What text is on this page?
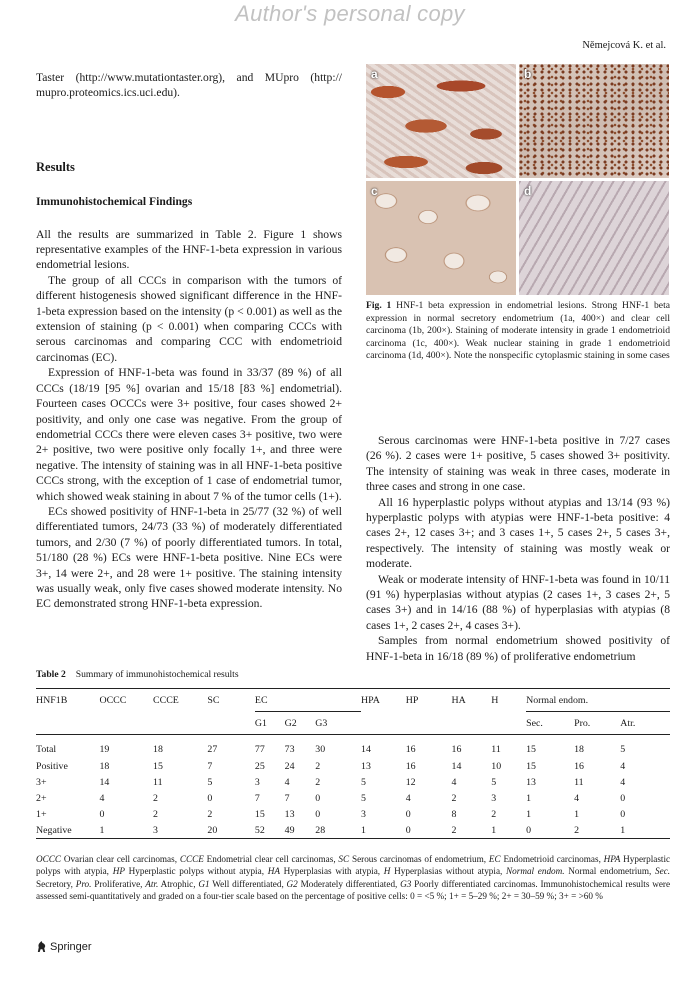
Author's personal copy
Němejcová K. et al.

Taster (http://www.mutationtaster.org), and MUpro (http:// mupro.proteomics.ics.uci.edu).

Results
Immunohistochemical Findings

All the results are summarized in Table 2. Figure 1 shows representative examples of the HNF-1-beta expression in various endometrial lesions.

The group of all CCCs in comparison with the tumors of different histogenesis showed significant difference in the HNF-1-beta expression based on the intensity (p < 0.001) as well as the extension of staining (p < 0.001) when comparing CCCs with serous carcinomas and comparing CCC with endometrioid carcinomas (EC).

Expression of HNF-1-beta was found in 33/37 (89 %) of all CCCs (18/19 [95 %] ovarian and 15/18 [83 %] endometrial). Fourteen cases OCCCs were 3+ positive, four cases showed 2+ positivity, and only one case was negative. From the group of endometrial CCCs there were eleven cases 3+ positive, two were 2+ positive, two were positive only focally 1+, and three were negative. The intensity of staining was in all HNF-1-beta positive CCCs strong, with the exception of 1 case of endometrial tumor, which showed weak staining in about 7 % of the tumor cells (1+).

ECs showed positivity of HNF-1-beta in 25/77 (32 %) of well differentiated tumors, 24/73 (33 %) of moderately differentiated tumors, and 2/30 (7 %) of poorly differentiated tumors. In total, 51/180 (28 %) ECs were HNF-1-beta positive. Nine ECs were 3+, 14 were 2+, and 28 were 1+ positive. The staining intensity was usually weak, only five cases showed moderate intensity. No EC demonstrated strong HNF-1-beta expression.

a	b
c	d
Fig. 1 HNF-1 beta expression in endometrial lesions. Strong HNF-1 beta expression in normal secretory endometrium (1a, 400×) and clear cell carcinoma (1b, 200×). Staining of moderate intensity in grade 1 endometrioid carcinoma (1c, 400×). Weak nuclear staining in grade 1 endometrioid carcinoma (1d, 400×). Note the nonspecific cytoplasmic staining in some cases

Serous carcinomas were HNF-1-beta positive in 7/27 cases (26 %). 2 cases were 1+ positive, 5 cases showed 3+ positivity. The intensity of staining was weak in three cases, moderate in three cases and strong in one case.

All 16 hyperplastic polyps without atypias and 13/14 (93 %) hyperplastic polyps with atypias were HNF-1-beta positive: 4 cases 2+, 12 cases 3+; and 3 cases 1+, 5 cases 2+, 5 cases 3+, respectively. The intensity of staining was mostly weak or moderate.

Weak or moderate intensity of HNF-1-beta was found in 10/11 (91 %) hyperplasias without atypias (2 cases 1+, 3 cases 2+, 5 cases 3+) and in 14/16 (88 %) of hyperplasias with atypias (8 cases 1+, 2 cases 2+, 4 cases 3+).

Samples from normal endometrium showed positivity of HNF-1-beta in 16/18 (89 %) of proliferative endometrium

Table 2 Summary of immunohistochemical results
HNF1B	OCCC	CCCE	SC	EC			HPA	HP	HA	H	Normal endom.		
				G1	G2	G3					Sec.	Pro.	Atr.
Total	19	18	27	77	73	30	14	16	16	11	15	18	5
Positive	18	15	7	25	24	2	13	16	14	10	15	16	4
3+	14	11	5	3	4	2	5	12	4	5	13	11	4
2+	4	2	0	7	7	0	5	4	2	3	1	4	0
1+	0	2	2	15	13	0	3	0	8	2	1	1	0
Negative	1	3	20	52	49	28	1	0	2	1	0	2	1
OCCC Ovarian clear cell carcinomas, CCCE Endometrial clear cell carcinomas, SC Serous carcinomas of endometrium, EC Endometrioid carcinomas, HPA Hyperplastic polyps with atypia, HP Hyperplastic polyps without atypia, HA Hyperplasias with atypia, H Hyperplasias without atypia, Normal endom. Normal endometrium, Sec. Secretory, Pro. Proliferative, Atr. Atrophic, G1 Well differentiated, G2 Moderately differentiated, G3 Poorly differentiated carcinomas. Immunohistochemical results were assessed semi-quantitatively and graded on a four-tier scale based on the percentage of positive cells: 0 = <5 %; 1+ = 5–29 %; 2+ = 30–59 %; 3+ = >60 %
Springer
